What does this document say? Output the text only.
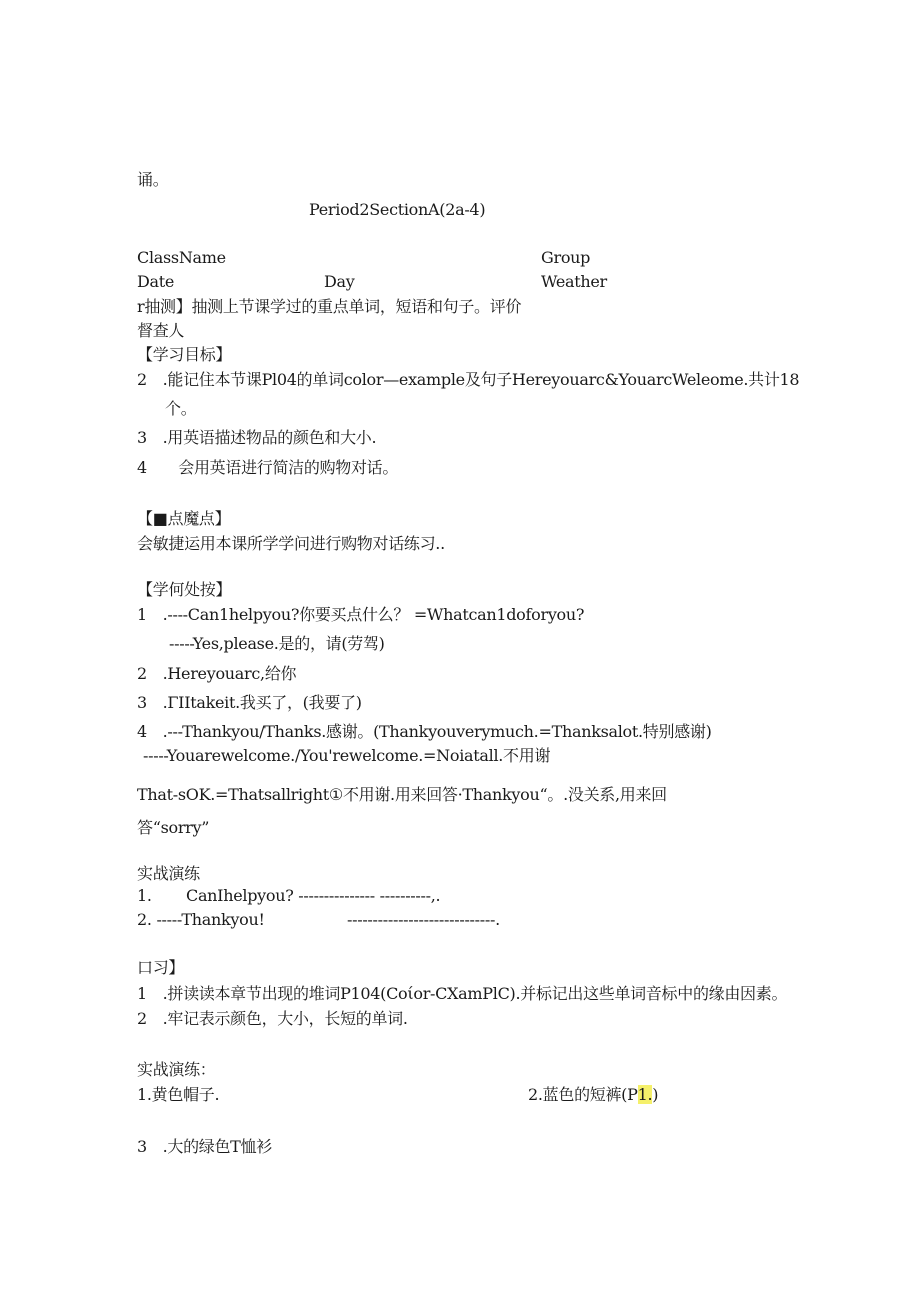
诵。
Period2SectionA(2a-4)
ClassName	Group
Date	Day	Weather
r抽测】抽测上节课学过的重点单词，短语和句子。评价
督查人
【学习目标】
2　.能记住本节课Pl04的单词color—example及句子Hereyouarc&YouarcWeleome.共计18
个。
3　.用英语描述物品的颜色和大小.
4　　会用英语进行简洁的购物对话。
【■点魔点】
会敏捷运用本课所学学问进行购物对话练习..
【学何处按】
1　.----Can1helpyou?你要买点什么？ =Whatcan1doforyou?
-----Yes,please.是的，请(劳驾)
2　.Hereyouarc,给你
3　.ΓIItakeit.我买了，(我要了)
4　.---Thankyou/Thanks.感谢。(Thankyouverymuch.=Thanksalot.特别感谢)
-----Youarewelcome./You'rewelcome.=Noiatall.不用谢
That-sOK.=Thatsallright①不用谢.用来回答·Thankyou“。.没关系,用来回
答“sorry”
实战演练
1. CanIhelpyou? --------------- ----------,.
2. -----Thankyou!	-----------------------------.
口习】
1　.拼读读本章节出现的堆词P104(Coίor-CXamPlC).并标记出这些单词音标中的缘由因素。
2　.牢记表示颜色，大小，长短的单词.
实战演练：
1.黄色帽子.	2.蓝色的短裤(P1.)
3　.大的绿色T恤衫
